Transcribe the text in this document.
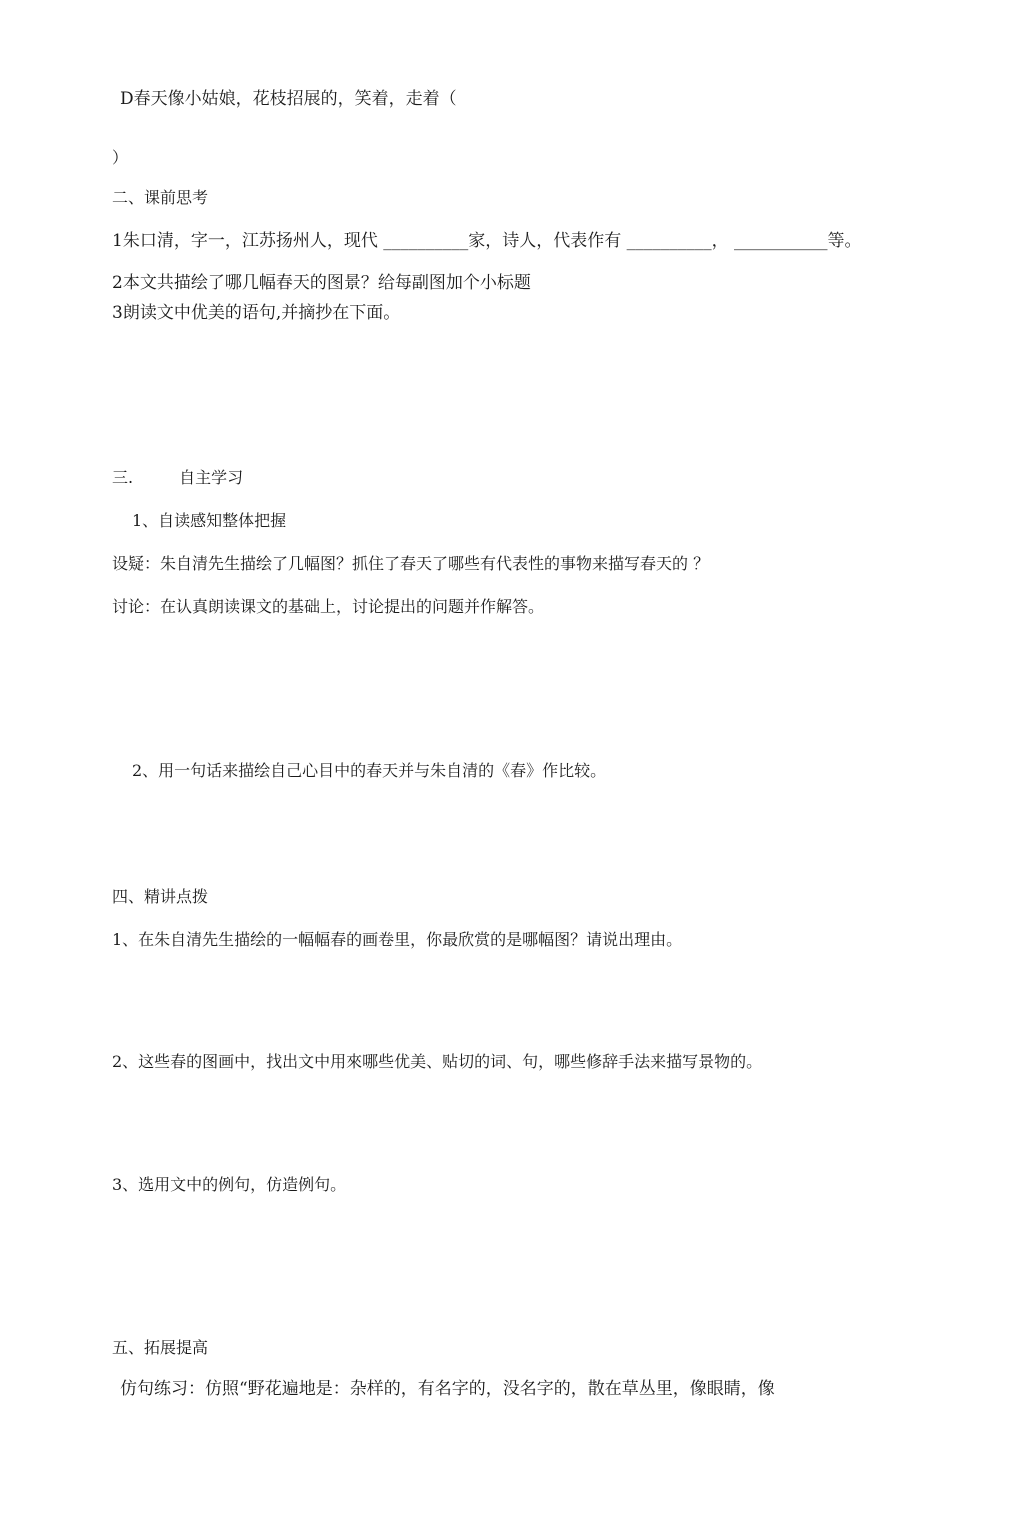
D春天像小姑娘，花枝招展的，笑着，走着（
）
二、课前思考
1朱口清，字一，江苏扬州人，现代 __________家，诗人，代表作有 __________， ___________等。
2本文共描绘了哪几幅春天的图景？给每副图加个小标题
3朗读文中优美的语句,并摘抄在下面。
三.	自主学习
1、自读感知整体把握
设疑：朱自清先生描绘了几幅图？抓住了春天了哪些有代表性的事物来描写春天的 ？
讨论：在认真朗读课文的基础上，讨论提出的问题并作解答。
2、用一句话来描绘自己心目中的春天并与朱自清的《春》作比较。
四、精讲点拨
1、在朱自清先生描绘的一幅幅春的画卷里，你最欣赏的是哪幅图？请说出理由。
2、这些春的图画中，找出文中用來哪些优美、贴切的词、句，哪些修辞手法来描写景物的。
3、选用文中的例句，仿造例句。
五、拓展提高
仿句练习：仿照“野花遍地是：杂样的，有名字的，没名字的，散在草丛里，像眼睛，像
